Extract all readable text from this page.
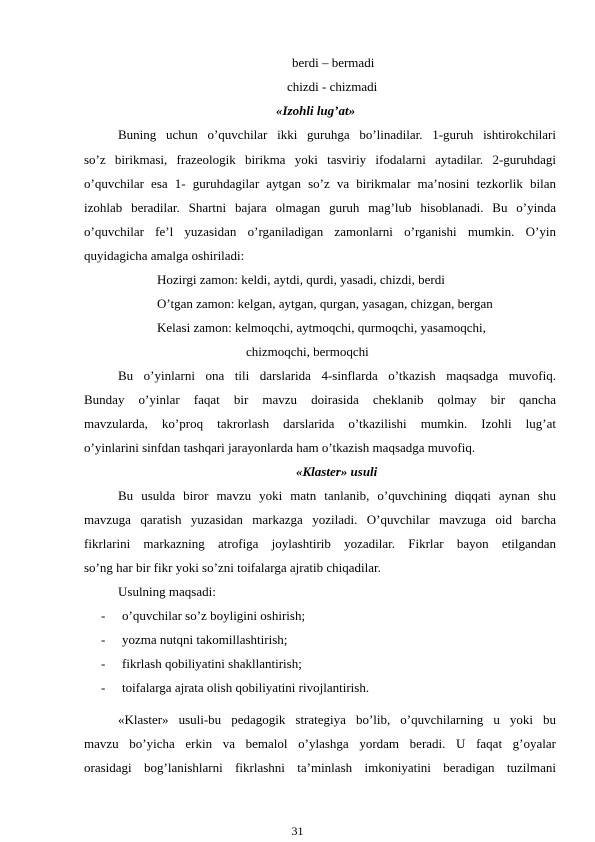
berdi – bermadi
chizdi - chizmadi
«Izohli lug’at»
Buning uchun o’quvchilar ikki guruhga bo’linadilar. 1-guruh ishtirokchilari
so’z birikmasi, frazeologik birikma yoki tasviriy ifodalarni aytadilar. 2-guruhdagi
o’quvchilar esa 1- guruhdagilar aytgan so’z va birikmalar ma’nosini tezkorlik bilan
izohlab beradilar. Shartni bajara olmagan guruh mag’lub hisoblanadi. Bu o’yinda
o’quvchilar fe’l yuzasidan o’rganiladigan zamonlarni o’rganishi mumkin. O’yin
quyidagicha amalga oshiriladi:
Hozirgi zamon: keldi, aytdi, qurdi, yasadi, chizdi, berdi
O’tgan zamon: kelgan, aytgan, qurgan, yasagan, chizgan, bergan
Kelasi zamon: kelmoqchi, aytmoqchi, qurmoqchi, yasamoqchi,
chizmoqchi, bermoqchi
Bu o’yinlarni ona tili darslarida 4-sinflarda o’tkazish maqsadga muvofiq.
Bunday o’yinlar faqat bir mavzu doirasida cheklanib qolmay bir qancha
mavzularda, ko’proq takrorlash darslarida o’tkazilishi mumkin. Izohli lug’at
o’yinlarini sinfdan tashqari jarayonlarda ham o’tkazish maqsadga muvofiq.
«Klaster» usuli
Bu usulda biror mavzu yoki matn tanlanib, o’quvchining diqqati aynan shu
mavzuga qaratish yuzasidan markazga yoziladi. O’quvchilar mavzuga oid barcha
fikrlarini markazning atrofiga joylashtirib yozadilar. Fikrlar bayon etilgandan
so’ng har bir fikr yoki so’zni toifalarga ajratib chiqadilar.
Usulning maqsadi:
- o’quvchilar so’z boyligini oshirish;
- yozma nutqni takomillashtirish;
- fikrlash qobiliyatini shakllantirish;
- toifalarga ajrata olish qobiliyatini rivojlantirish.
«Klaster» usuli-bu pedagogik strategiya bo’lib, o’quvchilarning u yoki bu
mavzu bo’yicha erkin va bemalol o’ylashga yordam beradi. U faqat g’oyalar
orasidagi bog’lanishlarni fikrlashni ta’minlash imkoniyatini beradigan tuzilmani
31
